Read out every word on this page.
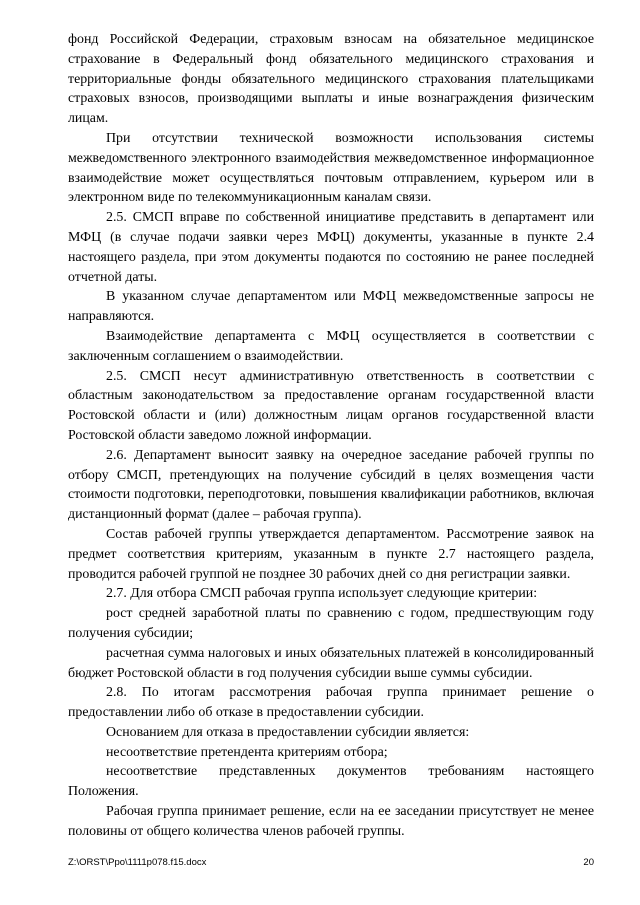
фонд Российской Федерации, страховым взносам на обязательное медицинское страхование в Федеральный фонд обязательного медицинского страхования и территориальные фонды обязательного медицинского страхования плательщиками страховых взносов, производящими выплаты и иные вознаграждения физическим лицам.

При отсутствии технической возможности использования системы межведомственного электронного взаимодействия межведомственное информационное взаимодействие может осуществляться почтовым отправлением, курьером или в электронном виде по телекоммуникационным каналам связи.

2.5. СМСП вправе по собственной инициативе представить в департамент или МФЦ (в случае подачи заявки через МФЦ) документы, указанные в пункте 2.4 настоящего раздела, при этом документы подаются по состоянию не ранее последней отчетной даты.

В указанном случае департаментом или МФЦ межведомственные запросы не направляются.

Взаимодействие департамента с МФЦ осуществляется в соответствии с заключенным соглашением о взаимодействии.

2.5. СМСП несут административную ответственность в соответствии с областным законодательством за предоставление органам государственной власти Ростовской области и (или) должностным лицам органов государственной власти Ростовской области заведомо ложной информации.

2.6. Департамент выносит заявку на очередное заседание рабочей группы по отбору СМСП, претендующих на получение субсидий в целях возмещения части стоимости подготовки, переподготовки, повышения квалификации работников, включая дистанционный формат (далее – рабочая группа).

Состав рабочей группы утверждается департаментом. Рассмотрение заявок на предмет соответствия критериям, указанным в пункте 2.7 настоящего раздела, проводится рабочей группой не позднее 30 рабочих дней со дня регистрации заявки.

2.7. Для отбора СМСП рабочая группа использует следующие критерии:

рост средней заработной платы по сравнению с годом, предшествующим году получения субсидии;

расчетная сумма налоговых и иных обязательных платежей в консолидированный бюджет Ростовской области в год получения субсидии выше суммы субсидии.

2.8. По итогам рассмотрения рабочая группа принимает решение о предоставлении либо об отказе в предоставлении субсидии.

Основанием для отказа в предоставлении субсидии является:

несоответствие претендента критериям отбора;

несоответствие представленных документов требованиям настоящего Положения.

Рабочая группа принимает решение, если на ее заседании присутствует не менее половины от общего количества членов рабочей группы.

Z:\ORST\Ppo\1111p078.f15.docx	20
